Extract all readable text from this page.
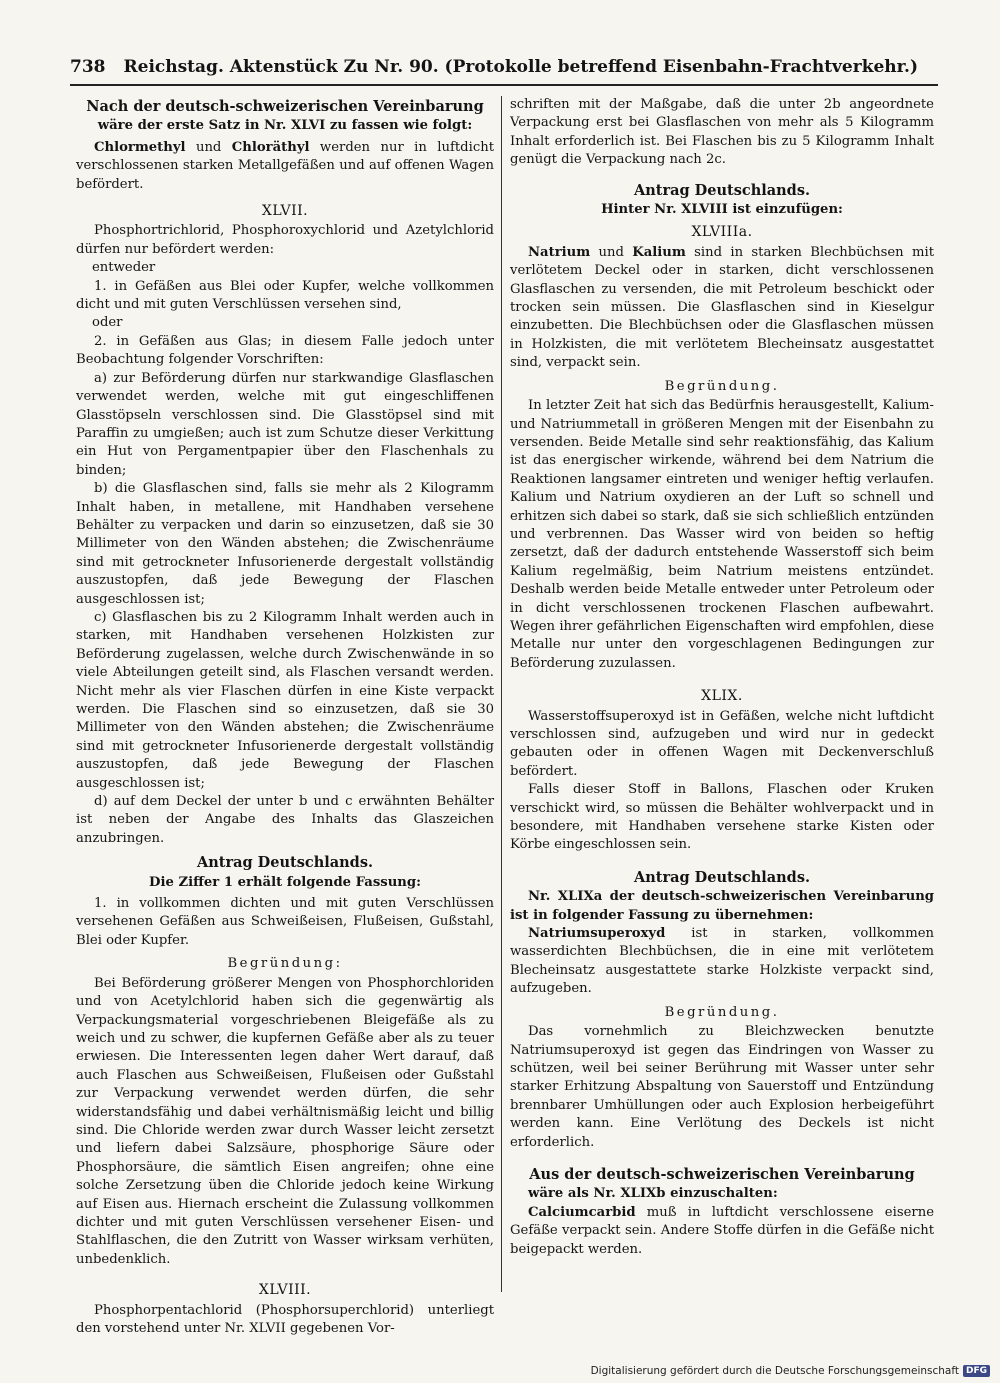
738 Reichstag. Aktenstück Zu Nr. 90. (Protokolle betreffend Eisenbahn-Frachtverkehr.)

Nach der deutsch-schweizerischen Vereinbarung

wäre der erste Satz in Nr. XLVI zu fassen wie folgt:

Chlormethyl und Chloräthyl werden nur in luftdicht verschlossenen starken Metallgefäßen und auf offenen Wagen befördert.

XLVII.

Phosphortrichlorid, Phosphoroxychlorid und Azetylchlorid dürfen nur befördert werden:

entweder

1. in Gefäßen aus Blei oder Kupfer, welche vollkommen dicht und mit guten Verschlüssen versehen sind,

oder

2. in Gefäßen aus Glas; in diesem Falle jedoch unter Beobachtung folgender Vorschriften:

a) zur Beförderung dürfen nur starkwandige Glasflaschen verwendet werden, welche mit gut eingeschliffenen Glasstöpseln verschlossen sind. Die Glasstöpsel sind mit Paraffin zu umgießen; auch ist zum Schutze dieser Verkittung ein Hut von Pergamentpapier über den Flaschenhals zu binden;

b) die Glasflaschen sind, falls sie mehr als 2 Kilogramm Inhalt haben, in metallene, mit Handhaben versehene Behälter zu verpacken und darin so einzusetzen, daß sie 30 Millimeter von den Wänden abstehen; die Zwischenräume sind mit getrockneter Infusorienerde dergestalt vollständig auszustopfen, daß jede Bewegung der Flaschen ausgeschlossen ist;

c) Glasflaschen bis zu 2 Kilogramm Inhalt werden auch in starken, mit Handhaben versehenen Holzkisten zur Beförderung zugelassen, welche durch Zwischenwände in so viele Abteilungen geteilt sind, als Flaschen versandt werden. Nicht mehr als vier Flaschen dürfen in eine Kiste verpackt werden. Die Flaschen sind so einzusetzen, daß sie 30 Millimeter von den Wänden abstehen; die Zwischenräume sind mit getrockneter Infusorienerde dergestalt vollständig auszustopfen, daß jede Bewegung der Flaschen ausgeschlossen ist;

d) auf dem Deckel der unter b und c erwähnten Behälter ist neben der Angabe des Inhalts das Glaszeichen anzubringen.

Antrag Deutschlands.

Die Ziffer 1 erhält folgende Fassung:

1. in vollkommen dichten und mit guten Verschlüssen versehenen Gefäßen aus Schweißeisen, Flußeisen, Gußstahl, Blei oder Kupfer.

Begründung:

Bei Beförderung größerer Mengen von Phosphorchloriden und von Acetylchlorid haben sich die gegenwärtig als Verpackungsmaterial vorgeschriebenen Bleigefäße als zu weich und zu schwer, die kupfernen Gefäße aber als zu teuer erwiesen. Die Interessenten legen daher Wert darauf, daß auch Flaschen aus Schweißeisen, Flußeisen oder Gußstahl zur Verpackung verwendet werden dürfen, die sehr widerstandsfähig und dabei verhältnismäßig leicht und billig sind. Die Chloride werden zwar durch Wasser leicht zersetzt und liefern dabei Salzsäure, phosphorige Säure oder Phosphorsäure, die sämtlich Eisen angreifen; ohne eine solche Zersetzung üben die Chloride jedoch keine Wirkung auf Eisen aus. Hiernach erscheint die Zulassung vollkommen dichter und mit guten Verschlüssen versehener Eisen- und Stahlflaschen, die den Zutritt von Wasser wirksam verhüten, unbedenklich.

XLVIII.

Phosphorpentachlorid (Phosphorsuperchlorid) unterliegt den vorstehend unter Nr. XLVII gegebenen Vor-

schriften mit der Maßgabe, daß die unter 2b angeordnete Verpackung erst bei Glasflaschen von mehr als 5 Kilogramm Inhalt erforderlich ist. Bei Flaschen bis zu 5 Kilogramm Inhalt genügt die Verpackung nach 2c.

Antrag Deutschlands.

Hinter Nr. XLVIII ist einzufügen:

XLVIIIa.

Natrium und Kalium sind in starken Blechbüchsen mit verlötetem Deckel oder in starken, dicht verschlossenen Glasflaschen zu versenden, die mit Petroleum beschickt oder trocken sein müssen. Die Glasflaschen sind in Kieselgur einzubetten. Die Blechbüchsen oder die Glasflaschen müssen in Holzkisten, die mit verlötetem Blecheinsatz ausgestattet sind, verpackt sein.

Begründung.

In letzter Zeit hat sich das Bedürfnis herausgestellt, Kalium- und Natriummetall in größeren Mengen mit der Eisenbahn zu versenden. Beide Metalle sind sehr reaktionsfähig, das Kalium ist das energischer wirkende, während bei dem Natrium die Reaktionen langsamer eintreten und weniger heftig verlaufen. Kalium und Natrium oxydieren an der Luft so schnell und erhitzen sich dabei so stark, daß sie sich schließlich entzünden und verbrennen. Das Wasser wird von beiden so heftig zersetzt, daß der dadurch entstehende Wasserstoff sich beim Kalium regelmäßig, beim Natrium meistens entzündet. Deshalb werden beide Metalle entweder unter Petroleum oder in dicht verschlossenen trockenen Flaschen aufbewahrt. Wegen ihrer gefährlichen Eigenschaften wird empfohlen, diese Metalle nur unter den vorgeschlagenen Bedingungen zur Beförderung zuzulassen.

XLIX.

Wasserstoffsuperoxyd ist in Gefäßen, welche nicht luftdicht verschlossen sind, aufzugeben und wird nur in gedeckt gebauten oder in offenen Wagen mit Deckenverschluß befördert.

Falls dieser Stoff in Ballons, Flaschen oder Kruken verschickt wird, so müssen die Behälter wohlverpackt und in besondere, mit Handhaben versehene starke Kisten oder Körbe eingeschlossen sein.

Antrag Deutschlands.

Nr. XLIXa der deutsch-schweizerischen Vereinbarung ist in folgender Fassung zu übernehmen:

Natriumsuperoxyd ist in starken, vollkommen wasserdichten Blechbüchsen, die in eine mit verlötetem Blecheinsatz ausgestattete starke Holzkiste verpackt sind, aufzugeben.

Begründung.

Das vornehmlich zu Bleichzwecken benutzte Natriumsuperoxyd ist gegen das Eindringen von Wasser zu schützen, weil bei seiner Berührung mit Wasser unter sehr starker Erhitzung Abspaltung von Sauerstoff und Entzündung brennbarer Umhüllungen oder auch Explosion herbeigeführt werden kann. Eine Verlötung des Deckels ist nicht erforderlich.

Aus der deutsch-schweizerischen Vereinbarung

wäre als Nr. XLIXb einzuschalten:

Calciumcarbid muß in luftdicht verschlossene eiserne Gefäße verpackt sein. Andere Stoffe dürfen in die Gefäße nicht beigepackt werden.

Digitalisierung gefördert durch die Deutsche Forschungsgemeinschaft DFG
